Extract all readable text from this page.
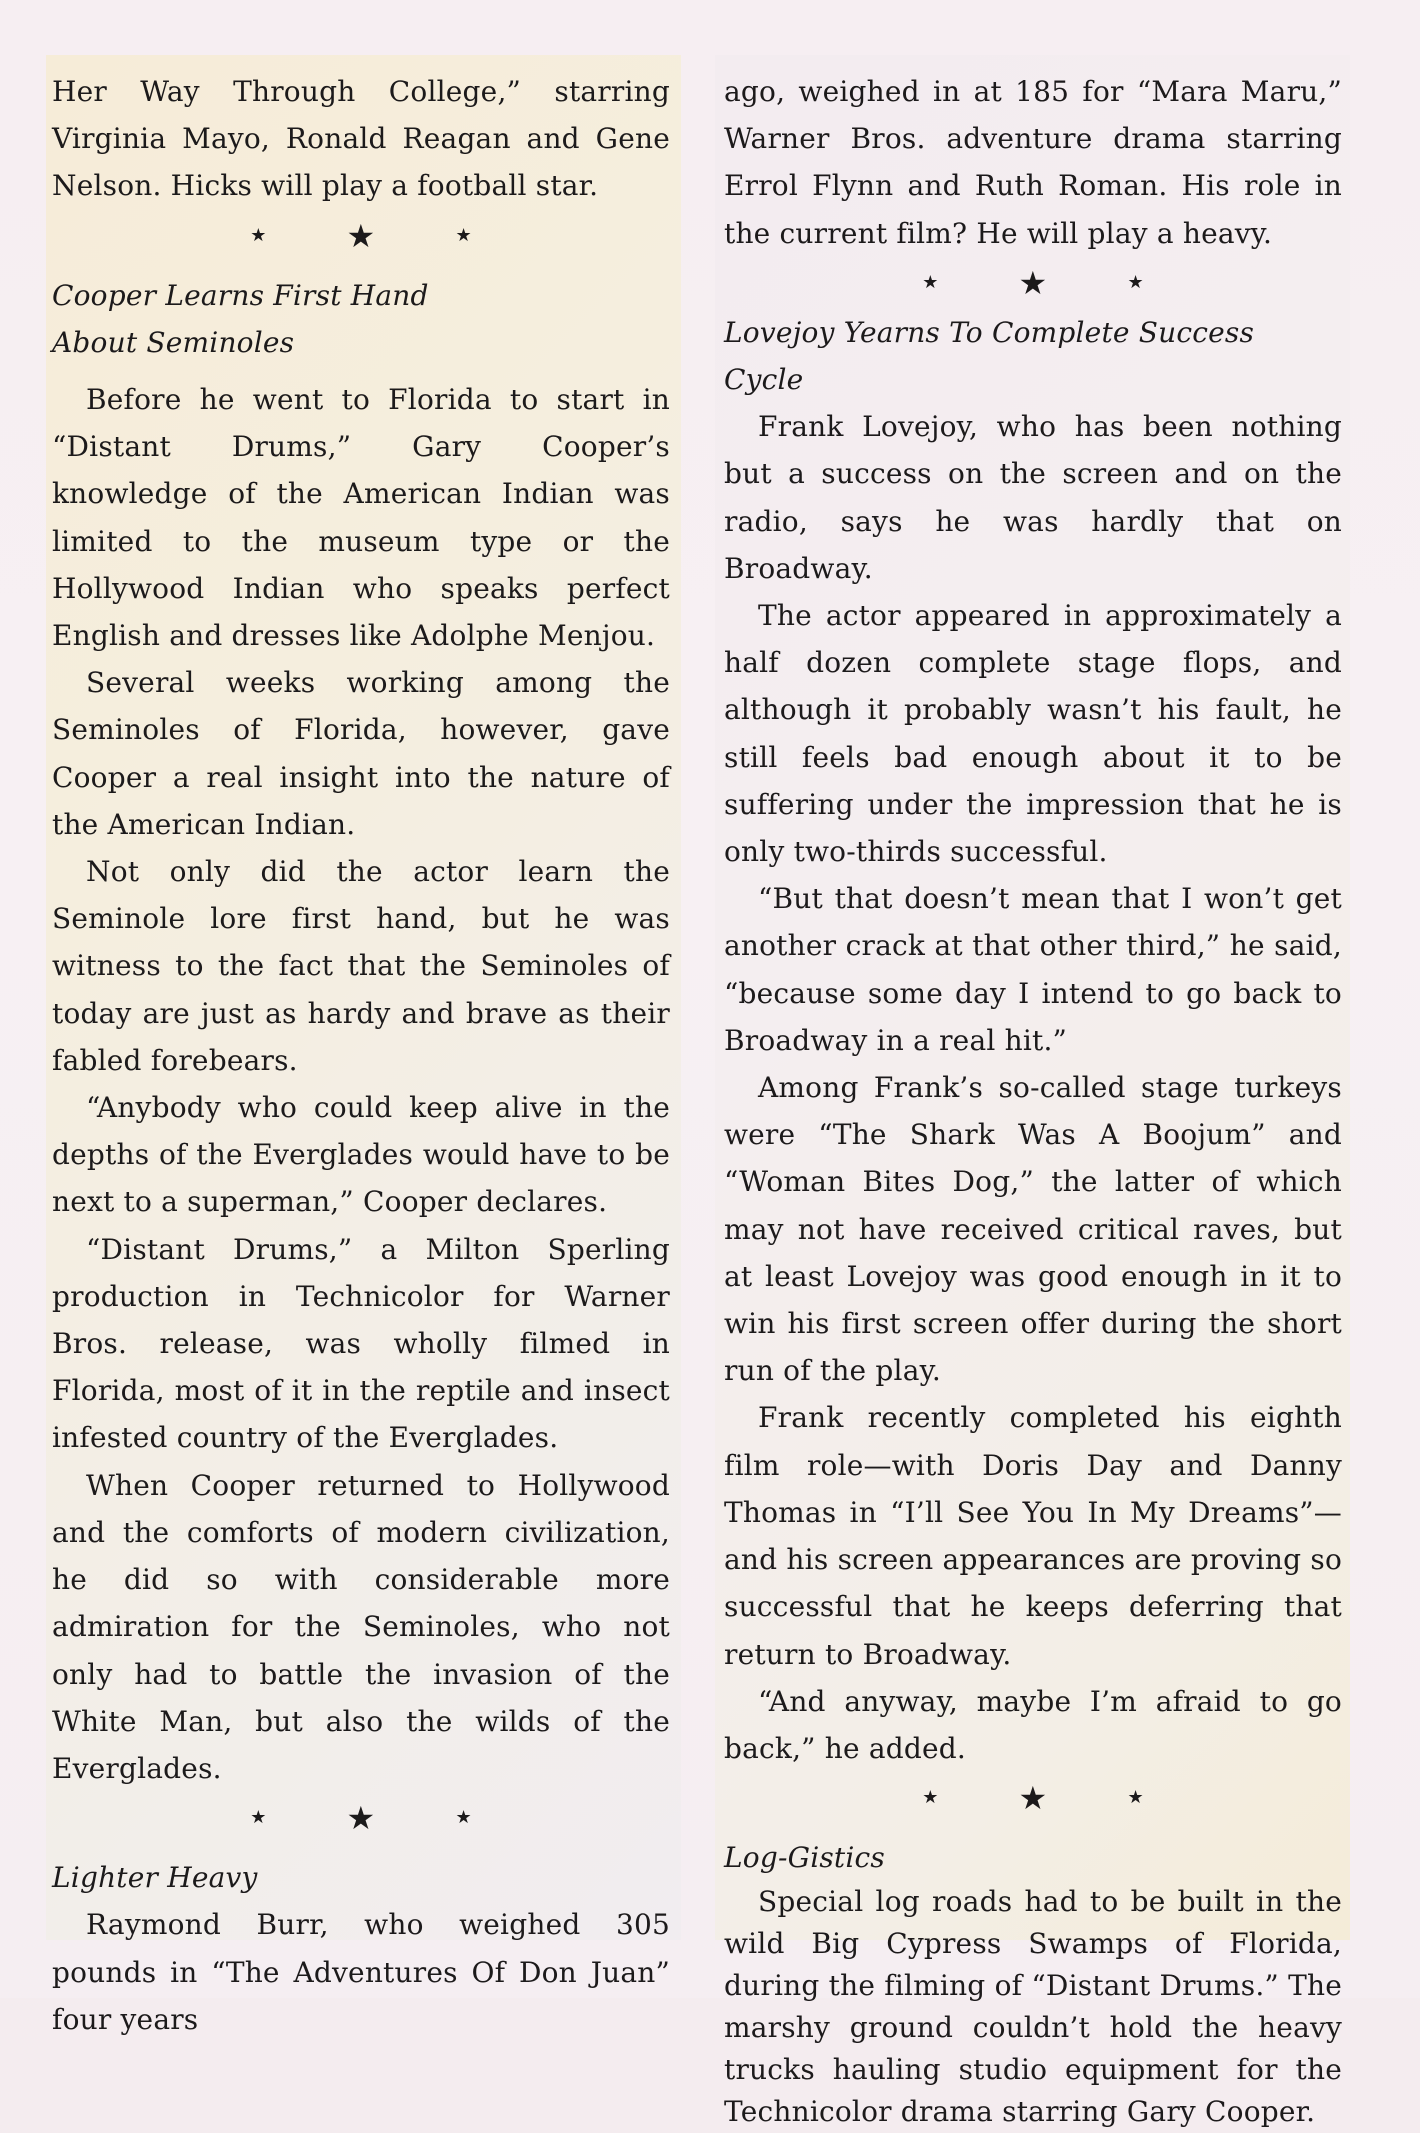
Her Way Through College,” starring Virginia Mayo, Ronald Reagan and Gene Nelson. Hicks will play a football star.

★	★	★
Cooper Learns First Hand
About Seminoles

Before he went to Florida to start in “Distant Drums,” Gary Cooper’s knowledge of the American Indian was limited to the museum type or the Hollywood Indian who speaks perfect English and dresses like Adolphe Menjou.

Several weeks working among the Seminoles of Florida, however, gave Cooper a real insight into the nature of the American Indian.

Not only did the actor learn the Seminole lore first hand, but he was witness to the fact that the Seminoles of today are just as hardy and brave as their fabled forebears.

“Anybody who could keep alive in the depths of the Everglades would have to be next to a superman,” Cooper declares.

“Distant Drums,” a Milton Sperling production in Technicolor for Warner Bros. release, was wholly filmed in Florida, most of it in the reptile and insect infested country of the Everglades.

When Cooper returned to Hollywood and the comforts of modern civilization, he did so with considerable more admiration for the Seminoles, who not only had to battle the invasion of the White Man, but also the wilds of the Everglades.

★	★	★
Lighter Heavy

Raymond Burr, who weighed 305 pounds in “The Adventures Of Don Juan” four years

ago, weighed in at 185 for “Mara Maru,” Warner Bros. adventure drama starring Errol Flynn and Ruth Roman. His role in the current film? He will play a heavy.

★	★	★
Lovejoy Yearns To Complete Success Cycle

Frank Lovejoy, who has been nothing but a success on the screen and on the radio, says he was hardly that on Broadway.

The actor appeared in approximately a half dozen complete stage flops, and although it probably wasn’t his fault, he still feels bad enough about it to be suffering under the impression that he is only two-thirds successful.

“But that doesn’t mean that I won’t get another crack at that other third,” he said, “because some day I intend to go back to Broadway in a real hit.”

Among Frank’s so-called stage turkeys were “The Shark Was A Boojum” and “Woman Bites Dog,” the latter of which may not have received critical raves, but at least Lovejoy was good enough in it to win his first screen offer during the short run of the play.

Frank recently completed his eighth film role—with Doris Day and Danny Thomas in “I’ll See You In My Dreams”—and his screen appearances are proving so successful that he keeps deferring that return to Broadway.

“And anyway, maybe I’m afraid to go back,” he added.

★	★	★
Log-Gistics

Special log roads had to be built in the wild Big Cypress Swamps of Florida, during the filming of “Distant Drums.” The marshy ground couldn’t hold the heavy trucks hauling studio equipment for the Technicolor drama starring Gary Cooper.
